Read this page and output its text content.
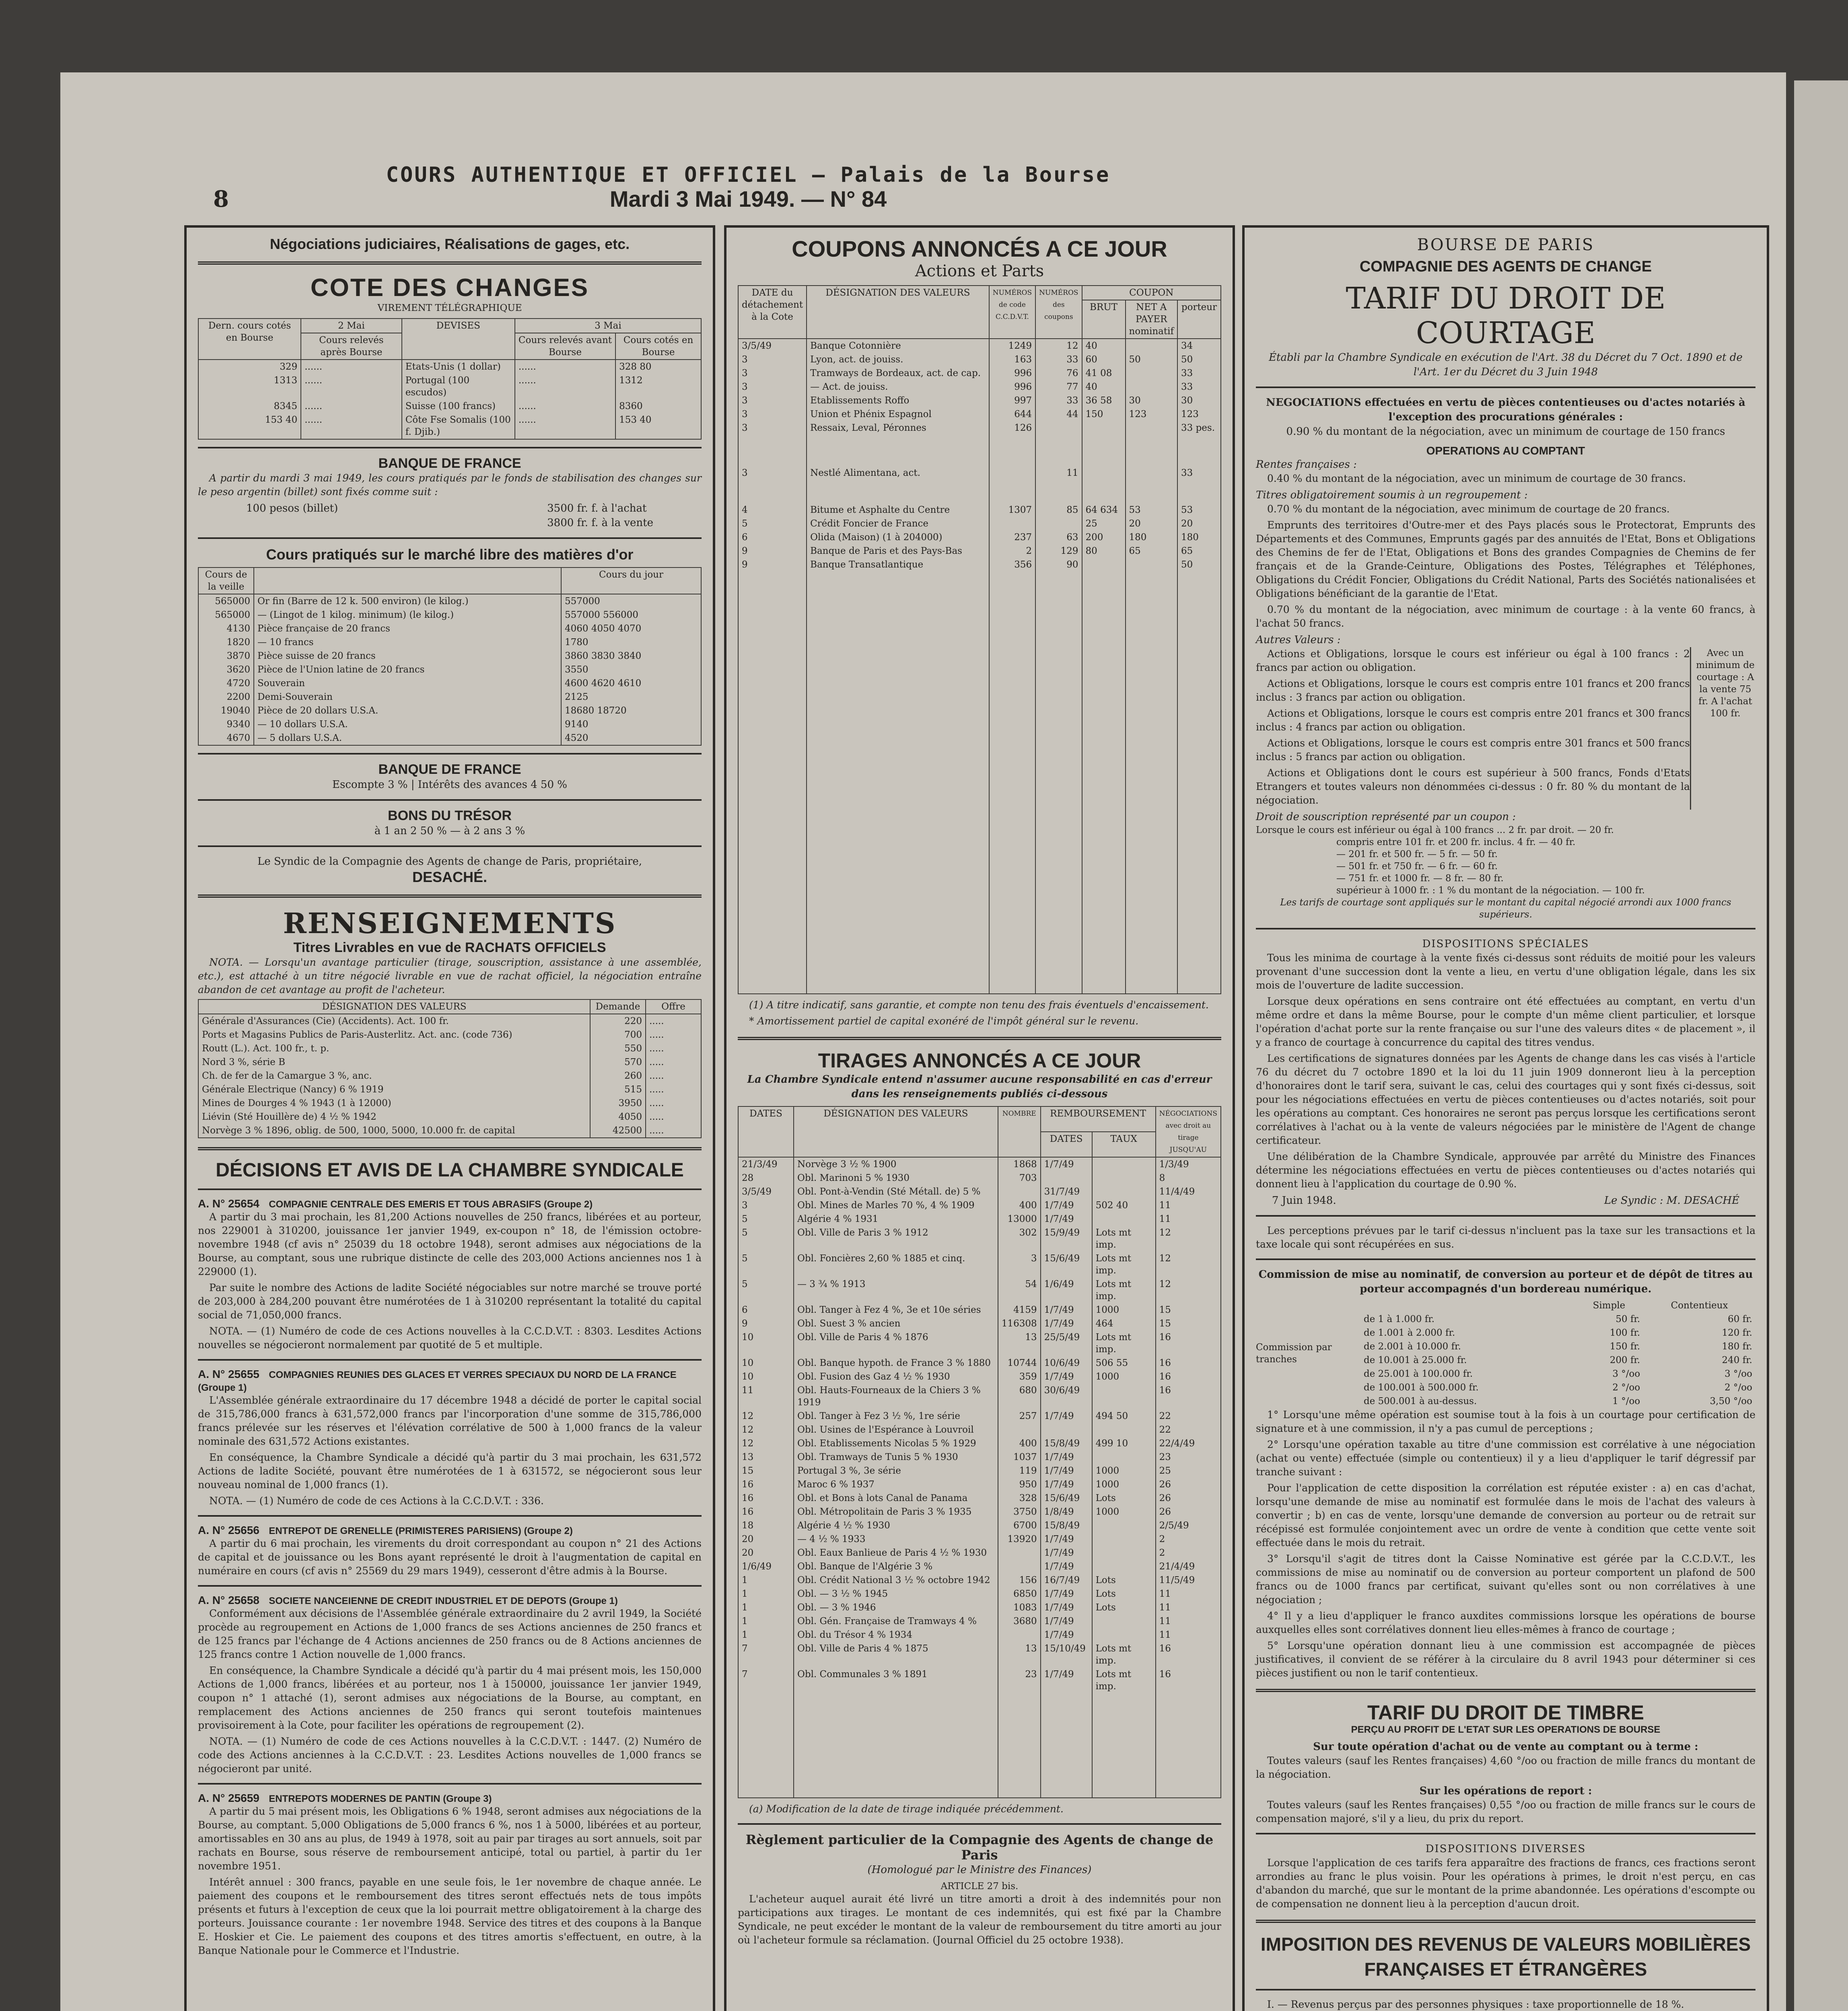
8
COURS AUTHENTIQUE ET OFFICIEL — Palais de la Bourse
Mardi 3 Mai 1949. — N° 84
Négociations judiciaires, Réalisations de gages, etc.
COTE DES CHANGES
VIREMENT TÉLÉGRAPHIQUE
Dern. cours cotés en Bourse	2 Mai	DEVISES	3 Mai	
	Cours relevés après Bourse		Cours relevés avant Bourse	Cours cotés en Bourse
329	......	Etats-Unis (1 dollar)	......	328 80
1313	......	Portugal (100 escudos)	......	1312
8345	......	Suisse (100 francs)	......	8360
153 40	......	Côte Fse Somalis (100 f. Djib.)	......	153 40
BANQUE DE FRANCE

A partir du mardi 3 mai 1949, les cours pratiqués par le fonds de stabilisation des changes sur le peso argentin (billet) sont fixés comme suit :

100 pesos (billet)	3500 fr. f. à l'achat
3800 fr. f. à la vente
Cours pratiqués sur le marché libre des matières d'or
Cours de la veille		Cours du jour
565000	Or fin (Barre de 12 k. 500 environ) (le kilog.)	557000
565000	— (Lingot de 1 kilog. minimum) (le kilog.)	557000 556000
4130	Pièce française de 20 francs	4060 4050 4070
1820	— 10 francs	1780
3870	Pièce suisse de 20 francs	3860 3830 3840
3620	Pièce de l'Union latine de 20 francs	3550
4720	Souverain	4600 4620 4610
2200	Demi-Souverain	2125
19040	Pièce de 20 dollars U.S.A.	18680 18720
9340	— 10 dollars U.S.A.	9140
4670	— 5 dollars U.S.A.	4520
BANQUE DE FRANCE
Escompte 3 % | Intérêts des avances 4 50 %
BONS DU TRÉSOR
à 1 an 2 50 % — à 2 ans 3 %
Le Syndic de la Compagnie des Agents de change de Paris, propriétaire,
DESACHÉ.
RENSEIGNEMENTS
Titres Livrables en vue de RACHATS OFFICIELS

NOTA. — Lorsqu'un avantage particulier (tirage, souscription, assistance à une assemblée, etc.), est attaché à un titre négocié livrable en vue de rachat officiel, la négociation entraîne abandon de cet avantage au profit de l'acheteur.

DÉSIGNATION DES VALEURS	Demande	Offre
Générale d'Assurances (Cie) (Accidents). Act. 100 fr.	220	.....
Ports et Magasins Publics de Paris-Austerlitz. Act. anc. (code 736)	700	.....
Routt (L.). Act. 100 fr., t. p.	550	.....
Nord 3 %, série B	570	.....
Ch. de fer de la Camargue 3 %, anc.	260	.....
Générale Electrique (Nancy) 6 % 1919	515	.....
Mines de Dourges 4 % 1943 (1 à 12000)	3950	.....
Liévin (Sté Houillère de) 4 ½ % 1942	4050	.....
Norvège 3 % 1896, oblig. de 500, 1000, 5000, 10.000 fr. de capital	42500	.....
DÉCISIONS ET AVIS DE LA CHAMBRE SYNDICALE
A. N° 25654 COMPAGNIE CENTRALE DES EMERIS ET TOUS ABRASIFS (Groupe 2)

A partir du 3 mai prochain, les 81,200 Actions nouvelles de 250 francs, libérées et au porteur, nos 229001 à 310200, jouissance 1er janvier 1949, ex-coupon n° 18, de l'émission octobre-novembre 1948 (cf avis n° 25039 du 18 octobre 1948), seront admises aux négociations de la Bourse, au comptant, sous une rubrique distincte de celle des 203,000 Actions anciennes nos 1 à 229000 (1).

Par suite le nombre des Actions de ladite Société négociables sur notre marché se trouve porté de 203,000 à 284,200 pouvant être numérotées de 1 à 310200 représentant la totalité du capital social de 71,050,000 francs.

NOTA. — (1) Numéro de code de ces Actions nouvelles à la C.C.D.V.T. : 8303. Lesdites Actions nouvelles se négocieront normalement par quotité de 5 et multiple.

A. N° 25655 COMPAGNIES REUNIES DES GLACES ET VERRES SPECIAUX DU NORD DE LA FRANCE (Groupe 1)

L'Assemblée générale extraordinaire du 17 décembre 1948 a décidé de porter le capital social de 315,786,000 francs à 631,572,000 francs par l'incorporation d'une somme de 315,786,000 francs prélevée sur les réserves et l'élévation corrélative de 500 à 1,000 francs de la valeur nominale des 631,572 Actions existantes.

En conséquence, la Chambre Syndicale a décidé qu'à partir du 3 mai prochain, les 631,572 Actions de ladite Société, pouvant être numérotées de 1 à 631572, se négocieront sous leur nouveau nominal de 1,000 francs (1).

NOTA. — (1) Numéro de code de ces Actions à la C.C.D.V.T. : 336.

A. N° 25656 ENTREPOT DE GRENELLE (PRIMISTERES PARISIENS) (Groupe 2)

A partir du 6 mai prochain, les virements du droit correspondant au coupon n° 21 des Actions de capital et de jouissance ou les Bons ayant représenté le droit à l'augmentation de capital en numéraire en cours (cf avis n° 25569 du 29 mars 1949), cesseront d'être admis à la Bourse.

A. N° 25658 SOCIETE NANCEIENNE DE CREDIT INDUSTRIEL ET DE DEPOTS (Groupe 1)

Conformément aux décisions de l'Assemblée générale extraordinaire du 2 avril 1949, la Société procède au regroupement en Actions de 1,000 francs de ses Actions anciennes de 250 francs et de 125 francs par l'échange de 4 Actions anciennes de 250 francs ou de 8 Actions anciennes de 125 francs contre 1 Action nouvelle de 1,000 francs.

En conséquence, la Chambre Syndicale a décidé qu'à partir du 4 mai présent mois, les 150,000 Actions de 1,000 francs, libérées et au porteur, nos 1 à 150000, jouissance 1er janvier 1949, coupon n° 1 attaché (1), seront admises aux négociations de la Bourse, au comptant, en remplacement des Actions anciennes de 250 francs qui seront toutefois maintenues provisoirement à la Cote, pour faciliter les opérations de regroupement (2).

NOTA. — (1) Numéro de code de ces Actions nouvelles à la C.C.D.V.T. : 1447. (2) Numéro de code des Actions anciennes à la C.C.D.V.T. : 23. Lesdites Actions nouvelles de 1,000 francs se négocieront par unité.

A. N° 25659 ENTREPOTS MODERNES DE PANTIN (Groupe 3)

A partir du 5 mai présent mois, les Obligations 6 % 1948, seront admises aux négociations de la Bourse, au comptant. 5,000 Obligations de 5,000 francs 6 %, nos 1 à 5000, libérées et au porteur, amortissables en 30 ans au plus, de 1949 à 1978, soit au pair par tirages au sort annuels, soit par rachats en Bourse, sous réserve de remboursement anticipé, total ou partiel, à partir du 1er novembre 1951.

Intérêt annuel : 300 francs, payable en une seule fois, le 1er novembre de chaque année. Le paiement des coupons et le remboursement des titres seront effectués nets de tous impôts présents et futurs à l'exception de ceux que la loi pourrait mettre obligatoirement à la charge des porteurs. Jouissance courante : 1er novembre 1948. Service des titres et des coupons à la Banque E. Hoskier et Cie. Le paiement des coupons et des titres amortis s'effectuent, en outre, à la Banque Nationale pour le Commerce et l'Industrie.

COUPONS ANNONCÉS A CE JOUR
Actions et Parts
DATE du détachement à la Cote	DÉSIGNATION DES VALEURS	NUMÉROS de code C.C.D.V.T.	NUMÉROS des coupons	COUPON		
				BRUT	NET A PAYER
nominatif	porteur
3/5/49	Banque Cotonnière	1249	12	40		34
3	Lyon, act. de jouiss.	163	33	60	50	50
3	Tramways de Bordeaux, act. de cap.	996	76	41 08		33
3	— Act. de jouiss.	996	77	40		33
3	Etablissements Roffo	997	33	36 58	30	30
3	Union et Phénix Espagnol	644	44	150	123	123
3	Ressaix, Leval, Péronnes	126				33 pes.
3	Nestlé Alimentana, act.		11			33
4	Bitume et Asphalte du Centre	1307	85	64 634	53	53
5	Crédit Foncier de France			25	20	20
6	Olida (Maison) (1 à 204000)	237	63	200	180	180
9	Banque de Paris et des Pays-Bas	2	129	80	65	65
9	Banque Transatlantique	356	90			50

(1) A titre indicatif, sans garantie, et compte non tenu des frais éventuels d'encaissement.

* Amortissement partiel de capital exonéré de l'impôt général sur le revenu.

TIRAGES ANNONCÉS A CE JOUR
La Chambre Syndicale entend n'assumer aucune responsabilité en cas d'erreur dans les renseignements publiés ci-dessous
DATES	DÉSIGNATION DES VALEURS	NOMBRE	REMBOURSEMENT		NÉGOCIATIONS avec droit au tirage JUSQU'AU
			DATES	TAUX	
21/3/49	Norvège 3 ½ % 1900	1868	1/7/49		1/3/49
28	Obl. Marinoni 5 % 1930	703			8
3/5/49	Obl. Pont-à-Vendin (Sté Métall. de) 5 %		31/7/49		11/4/49
3	Obl. Mines de Marles 70 %, 4 % 1909	400	1/7/49	502 40	11
5	Algérie 4 % 1931	13000	1/7/49		11
5	Obl. Ville de Paris 3 % 1912	302	15/9/49	Lots mt imp.	12
5	Obl. Foncières 2,60 % 1885 et cinq.	3	15/6/49	Lots mt imp.	12
5	— 3 ¾ % 1913	54	1/6/49	Lots mt imp.	12
6	Obl. Tanger à Fez 4 %, 3e et 10e séries	4159	1/7/49	1000	15
9	Obl. Suest 3 % ancien	116308	1/7/49	464	15
10	Obl. Ville de Paris 4 % 1876	13	25/5/49	Lots mt imp.	16
10	Obl. Banque hypoth. de France 3 % 1880	10744	10/6/49	506 55	16
10	Obl. Fusion des Gaz 4 ½ % 1930	359	1/7/49	1000	16
11	Obl. Hauts-Fourneaux de la Chiers 3 % 1919	680	30/6/49		16
12	Obl. Tanger à Fez 3 ½ %, 1re série	257	1/7/49	494 50	22
12	Obl. Usines de l'Espérance à Louvroil				22
12	Obl. Etablissements Nicolas 5 % 1929	400	15/8/49	499 10	22/4/49
13	Obl. Tramways de Tunis 5 % 1930	1037	1/7/49		23
15	Portugal 3 %, 3e série	119	1/7/49	1000	25
16	Maroc 6 % 1937	950	1/7/49	1000	26
16	Obl. et Bons à lots Canal de Panama	328	15/6/49	Lots	26
16	Obl. Métropolitain de Paris 3 % 1935	3750	1/8/49	1000	26
18	Algérie 4 ½ % 1930	6700	15/8/49		2/5/49
20	— 4 ½ % 1933	13920	1/7/49		2
20	Obl. Eaux Banlieue de Paris 4 ½ % 1930		1/7/49		2
1/6/49	Obl. Banque de l'Algérie 3 %		1/7/49		21/4/49
1	Obl. Crédit National 3 ½ % octobre 1942	156	16/7/49	Lots	11/5/49
1	Obl. — 3 ½ % 1945	6850	1/7/49	Lots	11
1	Obl. — 3 % 1946	1083	1/7/49	Lots	11
1	Obl. Gén. Française de Tramways 4 %	3680	1/7/49		11
1	Obl. du Trésor 4 % 1934		1/7/49		11
7	Obl. Ville de Paris 4 % 1875	13	15/10/49	Lots mt imp.	16
7	Obl. Communales 3 % 1891	23	1/7/49	Lots mt imp.	16

(a) Modification de la date de tirage indiquée précédemment.

Règlement particulier de la Compagnie des Agents de change de Paris
(Homologué par le Ministre des Finances)
ARTICLE 27 bis.

L'acheteur auquel aurait été livré un titre amorti a droit à des indemnités pour non participations aux tirages. Le montant de ces indemnités, qui est fixé par la Chambre Syndicale, ne peut excéder le montant de la valeur de remboursement du titre amorti au jour où l'acheteur formule sa réclamation. (Journal Officiel du 25 octobre 1938).

BOURSE DE PARIS
COMPAGNIE DES AGENTS DE CHANGE
TARIF DU DROIT DE COURTAGE
Établi par la Chambre Syndicale en exécution de l'Art. 38 du Décret du 7 Oct. 1890 et de l'Art. 1er du Décret du 3 Juin 1948
NEGOCIATIONS effectuées en vertu de pièces contentieuses ou d'actes notariés à l'exception des procurations générales :
0.90 % du montant de la négociation, avec un minimum de courtage de 150 francs
OPERATIONS AU COMPTANT
Rentes françaises :

0.40 % du montant de la négociation, avec un minimum de courtage de 30 francs.

Titres obligatoirement soumis à un regroupement :

0.70 % du montant de la négociation, avec minimum de courtage de 20 francs.

Emprunts des territoires d'Outre-mer et des Pays placés sous le Protectorat, Emprunts des Départements et des Communes, Emprunts gagés par des annuités de l'Etat, Bons et Obligations des Chemins de fer de l'Etat, Obligations et Bons des grandes Compagnies de Chemins de fer français et de la Grande-Ceinture, Obligations des Postes, Télégraphes et Téléphones, Obligations du Crédit Foncier, Obligations du Crédit National, Parts des Sociétés nationalisées et Obligations bénéficiant de la garantie de l'Etat.

0.70 % du montant de la négociation, avec minimum de courtage : à la vente 60 francs, à l'achat 50 francs.

Autres Valeurs :

Actions et Obligations, lorsque le cours est inférieur ou égal à 100 francs : 2 francs par action ou obligation.

Actions et Obligations, lorsque le cours est compris entre 101 francs et 200 francs inclus : 3 francs par action ou obligation.

Actions et Obligations, lorsque le cours est compris entre 201 francs et 300 francs inclus : 4 francs par action ou obligation.

Actions et Obligations, lorsque le cours est compris entre 301 francs et 500 francs inclus : 5 francs par action ou obligation.

Actions et Obligations dont le cours est supérieur à 500 francs, Fonds d'Etats Etrangers et toutes valeurs non dénommées ci-dessus : 0 fr. 80 % du montant de la négociation.

Avec un minimum de courtage : A la vente 75 fr. A l'achat 100 fr.
Droit de souscription représenté par un coupon :
Lorsque le cours est inférieur ou égal à 100 francs ... 2 fr. par droit. — 20 fr.
compris entre 101 fr. et 200 fr. inclus. 4 fr. — 40 fr.
— 201 fr. et 500 fr. — 5 fr. — 50 fr.
— 501 fr. et 750 fr. — 6 fr. — 60 fr.
— 751 fr. et 1000 fr. — 8 fr. — 80 fr.
supérieur à 1000 fr. : 1 % du montant de la négociation. — 100 fr.
Les tarifs de courtage sont appliqués sur le montant du capital négocié arrondi aux 1000 francs supérieurs.
DISPOSITIONS SPÉCIALES

Tous les minima de courtage à la vente fixés ci-dessus sont réduits de moitié pour les valeurs provenant d'une succession dont la vente a lieu, en vertu d'une obligation légale, dans les six mois de l'ouverture de ladite succession.

Lorsque deux opérations en sens contraire ont été effectuées au comptant, en vertu d'un même ordre et dans la même Bourse, pour le compte d'un même client particulier, et lorsque l'opération d'achat porte sur la rente française ou sur l'une des valeurs dites « de placement », il y a franco de courtage à concurrence du capital des titres vendus.

Les certifications de signatures données par les Agents de change dans les cas visés à l'article 76 du décret du 7 octobre 1890 et la loi du 11 juin 1909 donneront lieu à la perception d'honoraires dont le tarif sera, suivant le cas, celui des courtages qui y sont fixés ci-dessus, soit pour les négociations effectuées en vertu de pièces contentieuses ou d'actes notariés, soit pour les opérations au comptant. Ces honoraires ne seront pas perçus lorsque les certifications seront corrélatives à l'achat ou à la vente de valeurs négociées par le ministère de l'Agent de change certificateur.

Une délibération de la Chambre Syndicale, approuvée par arrêté du Ministre des Finances détermine les négociations effectuées en vertu de pièces contentieuses ou d'actes notariés qui donnent lieu à l'application du courtage de 0.90 %.

7 Juin 1948.	Le Syndic : M. DESACHÉ

Les perceptions prévues par le tarif ci-dessus n'incluent pas la taxe sur les transactions et la taxe locale qui sont récupérées en sus.

Commission de mise au nominatif, de conversion au porteur et de dépôt de titres au porteur accompagnés d'un bordereau numérique.
Commission par tranches
	Simple	Contentieux
de 1 à 1.000 fr.	50 fr.	60 fr.
de 1.001 à 2.000 fr.	100 fr.	120 fr.
de 2.001 à 10.000 fr.	150 fr.	180 fr.
de 10.001 à 25.000 fr.	200 fr.	240 fr.
de 25.001 à 100.000 fr.	3 °/oo	3 °/oo
de 100.001 à 500.000 fr.	2 °/oo	2 °/oo
de 500.001 à au-dessus.	1 °/oo	3,50 °/oo

1° Lorsqu'une même opération est soumise tout à la fois à un courtage pour certification de signature et à une commission, il n'y a pas cumul de perceptions ;

2° Lorsqu'une opération taxable au titre d'une commission est corrélative à une négociation (achat ou vente) effectuée (simple ou contentieux) il y a lieu d'appliquer le tarif dégressif par tranche suivant :

Pour l'application de cette disposition la corrélation est réputée exister : a) en cas d'achat, lorsqu'une demande de mise au nominatif est formulée dans le mois de l'achat des valeurs à convertir ; b) en cas de vente, lorsqu'une demande de conversion au porteur ou de retrait sur récépissé est formulée conjointement avec un ordre de vente à condition que cette vente soit effectuée dans le mois du retrait.

3° Lorsqu'il s'agit de titres dont la Caisse Nominative est gérée par la C.C.D.V.T., les commissions de mise au nominatif ou de conversion au porteur comportent un plafond de 500 francs ou de 1000 francs par certificat, suivant qu'elles sont ou non corrélatives à une négociation ;

4° Il y a lieu d'appliquer le franco auxdites commissions lorsque les opérations de bourse auxquelles elles sont corrélatives donnent lieu elles-mêmes à franco de courtage ;

5° Lorsqu'une opération donnant lieu à une commission est accompagnée de pièces justificatives, il convient de se référer à la circulaire du 8 avril 1943 pour déterminer si ces pièces justifient ou non le tarif contentieux.

TARIF DU DROIT DE TIMBRE
PERÇU AU PROFIT DE L'ETAT SUR LES OPERATIONS DE BOURSE
Sur toute opération d'achat ou de vente au comptant ou à terme :

Toutes valeurs (sauf les Rentes françaises) 4,60 °/oo ou fraction de mille francs du montant de la négociation.

Sur les opérations de report :

Toutes valeurs (sauf les Rentes françaises) 0,55 °/oo ou fraction de mille francs sur le cours de compensation majoré, s'il y a lieu, du prix du report.

DISPOSITIONS DIVERSES

Lorsque l'application de ces tarifs fera apparaître des fractions de francs, ces fractions seront arrondies au franc le plus voisin. Pour les opérations à primes, le droit n'est perçu, en cas d'abandon du marché, que sur le montant de la prime abandonnée. Les opérations d'escompte ou de compensation ne donnent lieu à la perception d'aucun droit.

IMPOSITION DES REVENUS DE VALEURS MOBILIÈRES FRANÇAISES ET ÉTRANGÈRES

I. — Revenus perçus par des personnes physiques : taxe proportionnelle de 18 %.
